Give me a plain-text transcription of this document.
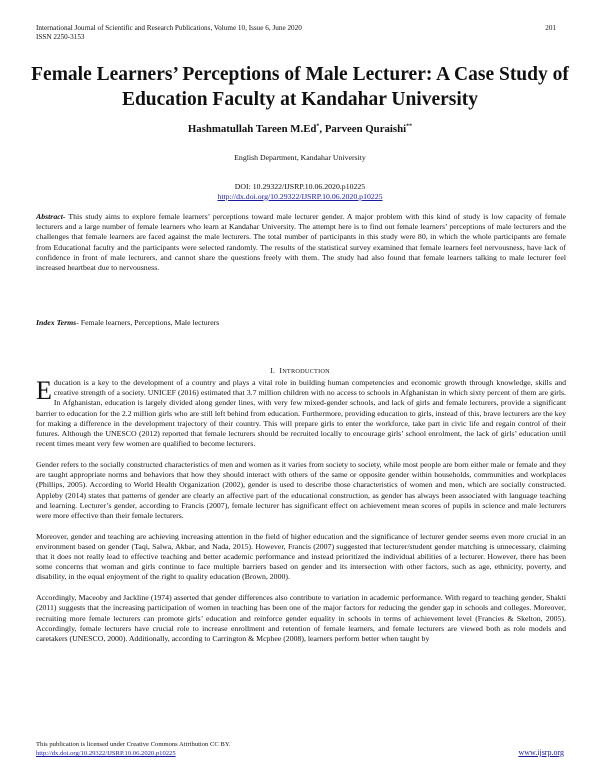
International Journal of Scientific and Research Publications, Volume 10, Issue 6, June 2020
ISSN 2250-3153
201
Female Learners’ Perceptions of Male Lecturer: A Case Study of Education Faculty at Kandahar University
Hashmatullah Tareen M.Ed*, Parveen Quraishi**
English Department, Kandahar University
DOI: 10.29322/IJSRP.10.06.2020.p10225
http://dx.doi.org/10.29322/IJSRP.10.06.2020.p10225
Abstract- This study aims to explore female learners’ perceptions toward male lecturer gender. A major problem with this kind of study is low capacity of female lecturers and a large number of female learners who learn at Kandahar University. The attempt here is to find out female learners’ perceptions of male lecturers and the challenges that female learners are faced against the male lecturers. The total number of participants in this study were 80, in which the whole participants are female from Educational faculty and the participants were selected randomly. The results of the statistical survey examined that female learners feel nervousness, have lack of confidence in front of male lecturers, and cannot share the questions freely with them. The study had also found that female learners talking to male lecturer feel increased heartbeat due to nervousness.
Index Terms- Female learners, Perceptions, Male lecturers
I. INTRODUCTION

Education is a key to the development of a country and plays a vital role in building human competencies and economic growth through knowledge, skills and creative strength of a society. UNICEF (2016) estimated that 3.7 million children with no access to schools in Afghanistan in which sixty percent of them are girls. In Afghanistan, education is largely divided along gender lines, with very few mixed-gender schools, and lack of girls and female lecturers, provide a significant barrier to education for the 2.2 million girls who are still left behind from education. Furthermore, providing education to girls, instead of this, brave lecturers are the key for making a difference in the development trajectory of their country. This will prepare girls to enter the workforce, take part in civic life and regain control of their futures. Although the UNESCO (2012) reported that female lecturers should be recruited locally to encourage girls’ school enrolment, the lack of girls’ education until recent times meant very few women are qualified to become lecturers.

Gender refers to the socially constructed characteristics of men and women as it varies from society to society, while most people are born either male or female and they are taught appropriate norms and behaviors that how they should interact with others of the same or opposite gender within households, communities and workplaces (Phillips, 2005). According to World Health Organization (2002), gender is used to describe those characteristics of women and men, which are socially constructed. Appleby (2014) states that patterns of gender are clearly an affective part of the educational construction, as gender has always been associated with language teaching and learning. Lecturer’s gender, according to Francis (2007), female lecturer has significant effect on achievement mean scores of pupils in science and male lecturers were more effective than their female lecturers.

Moreover, gender and teaching are achieving increasing attention in the field of higher education and the significance of lecturer gender seems even more crucial in an environment based on gender (Taqi, Salwa, Akbar, and Nada, 2015). However, Francis (2007) suggested that lecturer/student gender matching is unnecessary, claiming that it does not really lead to effective teaching and better academic performance and instead prioritized the individual abilities of a lecturer. However, there has been some concerns that woman and girls continue to face multiple barriers based on gender and its intersection with other factors, such as age, ethnicity, poverty, and disability, in the equal enjoyment of the right to quality education (Brown, 2000).

Accordingly, Maceoby and Jackline (1974) asserted that gender differences also contribute to variation in academic performance. With regard to teaching gender, Shakti (2011) suggests that the increasing participation of women in teaching has been one of the major factors for reducing the gender gap in schools and colleges. Moreover, recruiting more female lecturers can promote girls’ education and reinforce gender equality in schools in terms of achievement level (Francies & Skelton, 2005). Accordingly, female lecturers have crucial role to increase enrollment and retention of female learners, and female lecturers are viewed both as role models and caretakers (UNESCO, 2000). Additionally, according to Carrington & Mcphee (2008), learners perform better when taught by

This publication is licensed under Creative Commons Attribution CC BY.
http://dx.doi.org/10.29322/IJSRP.10.06.2020.p10225	www.ijsrp.org
